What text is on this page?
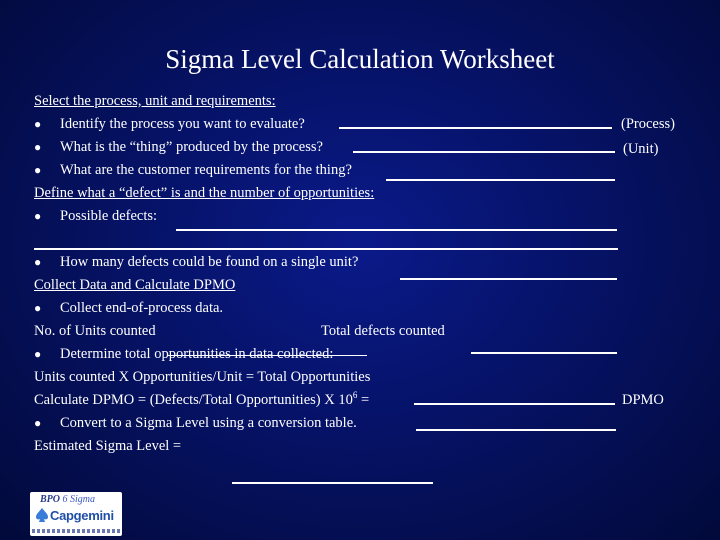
Sigma Level Calculation Worksheet
Select the process, unit and requirements:
● Identify the process you want to evaluate?	(Process)
● What is the “thing” produced by the process?	(Unit)
● What are the customer requirements for the thing?
Define what a “defect” is and the number of opportunities:
● Possible defects:
● How many defects could be found on a single unit?
Collect Data and Calculate DPMO
● Collect end-of-process data.
No. of Units counted	Total defects counted
● Determine total opportunities in data collected:
Units counted X Opportunities/Unit = Total Opportunities
Calculate DPMO = (Defects/Total Opportunities) X $10^6$ =	DPMO
● Convert to a Sigma Level using a conversion table.
Estimated Sigma Level =
BPO 6 Sigma
Capgemini
